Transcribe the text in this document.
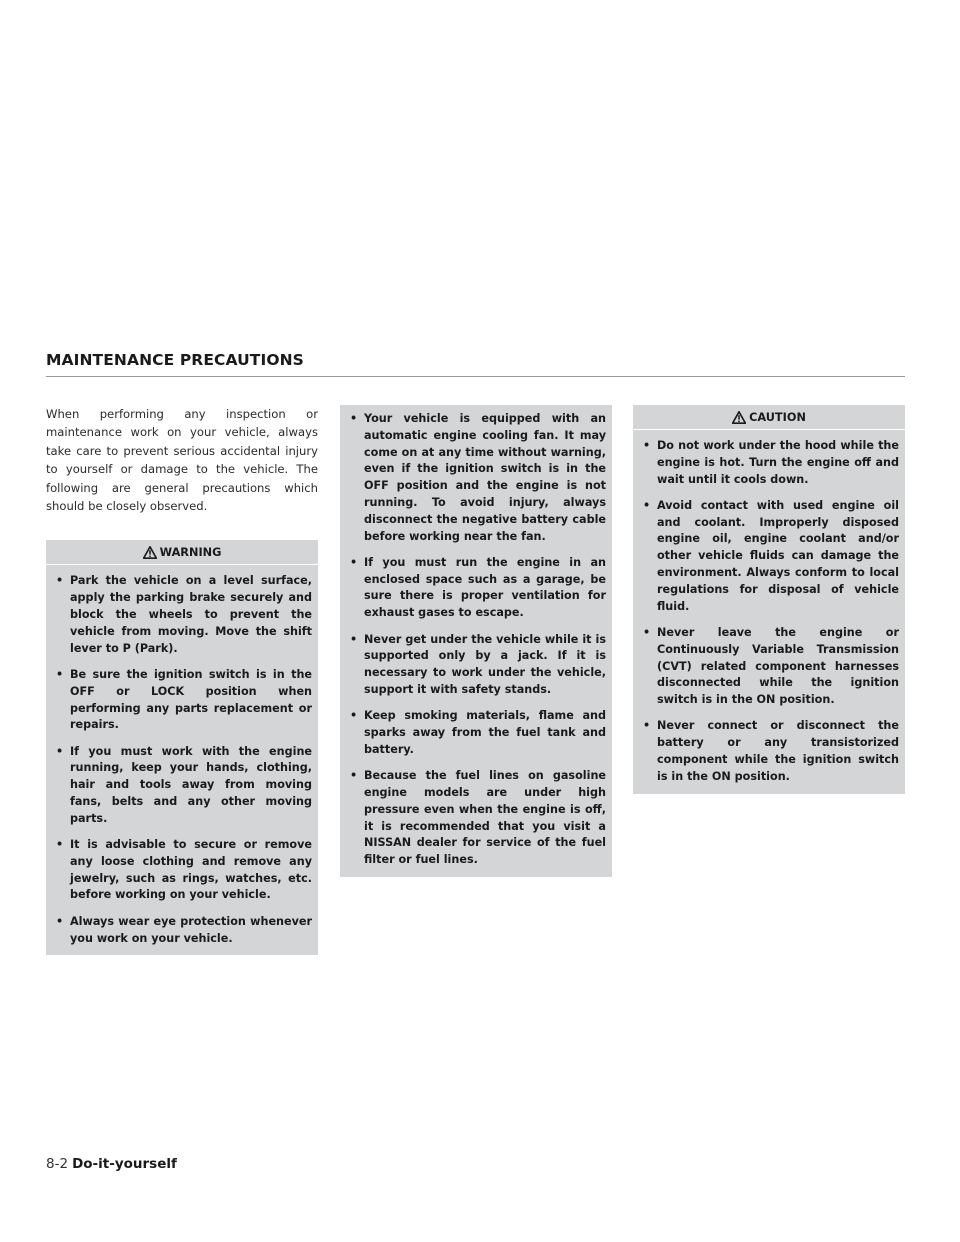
MAINTENANCE PRECAUTIONS

When performing any inspection or maintenance work on your vehicle, always take care to prevent serious accidental injury to yourself or damage to the vehicle. The following are general precautions which should be closely observed.

WARNING
• Park the vehicle on a level surface, apply the parking brake securely and block the wheels to prevent the vehicle from moving. Move the shift lever to P (Park).
• Be sure the ignition switch is in the OFF or LOCK position when performing any parts replacement or repairs.
• If you must work with the engine running, keep your hands, clothing, hair and tools away from moving fans, belts and any other moving parts.
• It is advisable to secure or remove any loose clothing and remove any jewelry, such as rings, watches, etc. before working on your vehicle.
• Always wear eye protection whenever you work on your vehicle.
• Your vehicle is equipped with an automatic engine cooling fan. It may come on at any time without warning, even if the ignition switch is in the OFF position and the engine is not running. To avoid injury, always disconnect the negative battery cable before working near the fan.
• If you must run the engine in an enclosed space such as a garage, be sure there is proper ventilation for exhaust gases to escape.
• Never get under the vehicle while it is supported only by a jack. If it is necessary to work under the vehicle, support it with safety stands.
• Keep smoking materials, flame and sparks away from the fuel tank and battery.
• Because the fuel lines on gasoline engine models are under high pressure even when the engine is off, it is recommended that you visit a NISSAN dealer for service of the fuel filter or fuel lines.
CAUTION
• Do not work under the hood while the engine is hot. Turn the engine off and wait until it cools down.
• Avoid contact with used engine oil and coolant. Improperly disposed engine oil, engine coolant and/or other vehicle fluids can damage the environment. Always conform to local regulations for disposal of vehicle fluid.
• Never leave the engine or Continuously Variable Transmission (CVT) related component harnesses disconnected while the ignition switch is in the ON position.
• Never connect or disconnect the battery or any transistorized component while the ignition switch is in the ON position.
8-2 Do-it-yourself
